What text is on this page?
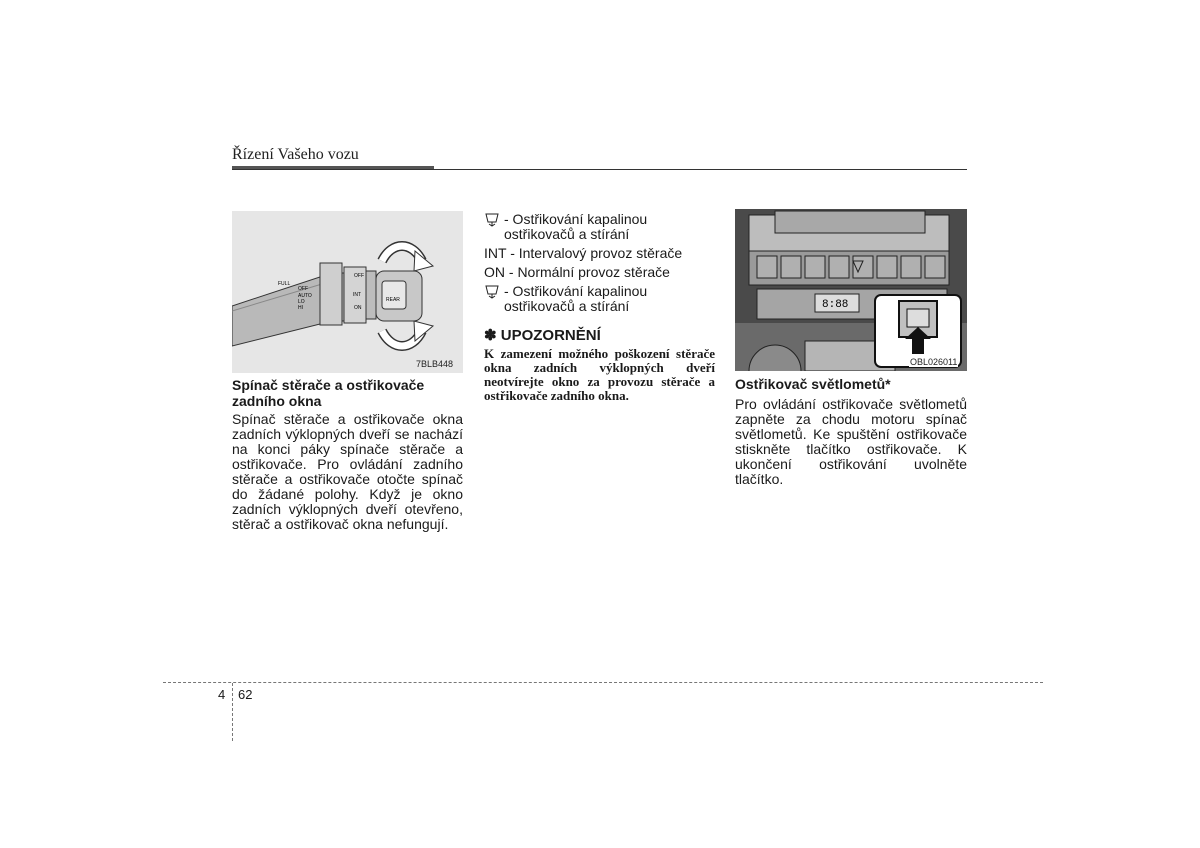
Řízení Vašeho vozu
FULL
OFF
AUTO
LO
HI
OFF
INT
ON
REAR
7BLB448
Spínač stěrače a ostřikovače zadního okna
Spínač stěrače a ostřikovače okna zadních výklopných dveří se nachází na konci páky spínače stěrače a ostřikovače. Pro ovládání zadního stěrače a ostřikovače otočte spínač do žádané polohy. Když je okno zadních výklopných dveří otevřeno, stěrač a ostřikovač okna nefungují.
- Ostřikování kapalinou
ostřikovačů a stírání
INT - Intervalový provoz stěrače
ON - Normální provoz stěrače
- Ostřikování kapalinou
ostřikovačů a stírání
✽ UPOZORNĚNÍ
K zamezení možného poškození stěrače okna zadních výklopných dveří neotvírejte okno za provozu stěrače a ostřikovače zadního okna.
8:88
OBL026011
Ostřikovač světlometů*
Pro ovládání ostřikovače světlometů zapněte za chodu motoru spínač světlometů. Ke spuštění ostřikovače stiskněte tlačítko ostřikovače. K ukončení ostřikování uvolněte tlačítko.
4 62
